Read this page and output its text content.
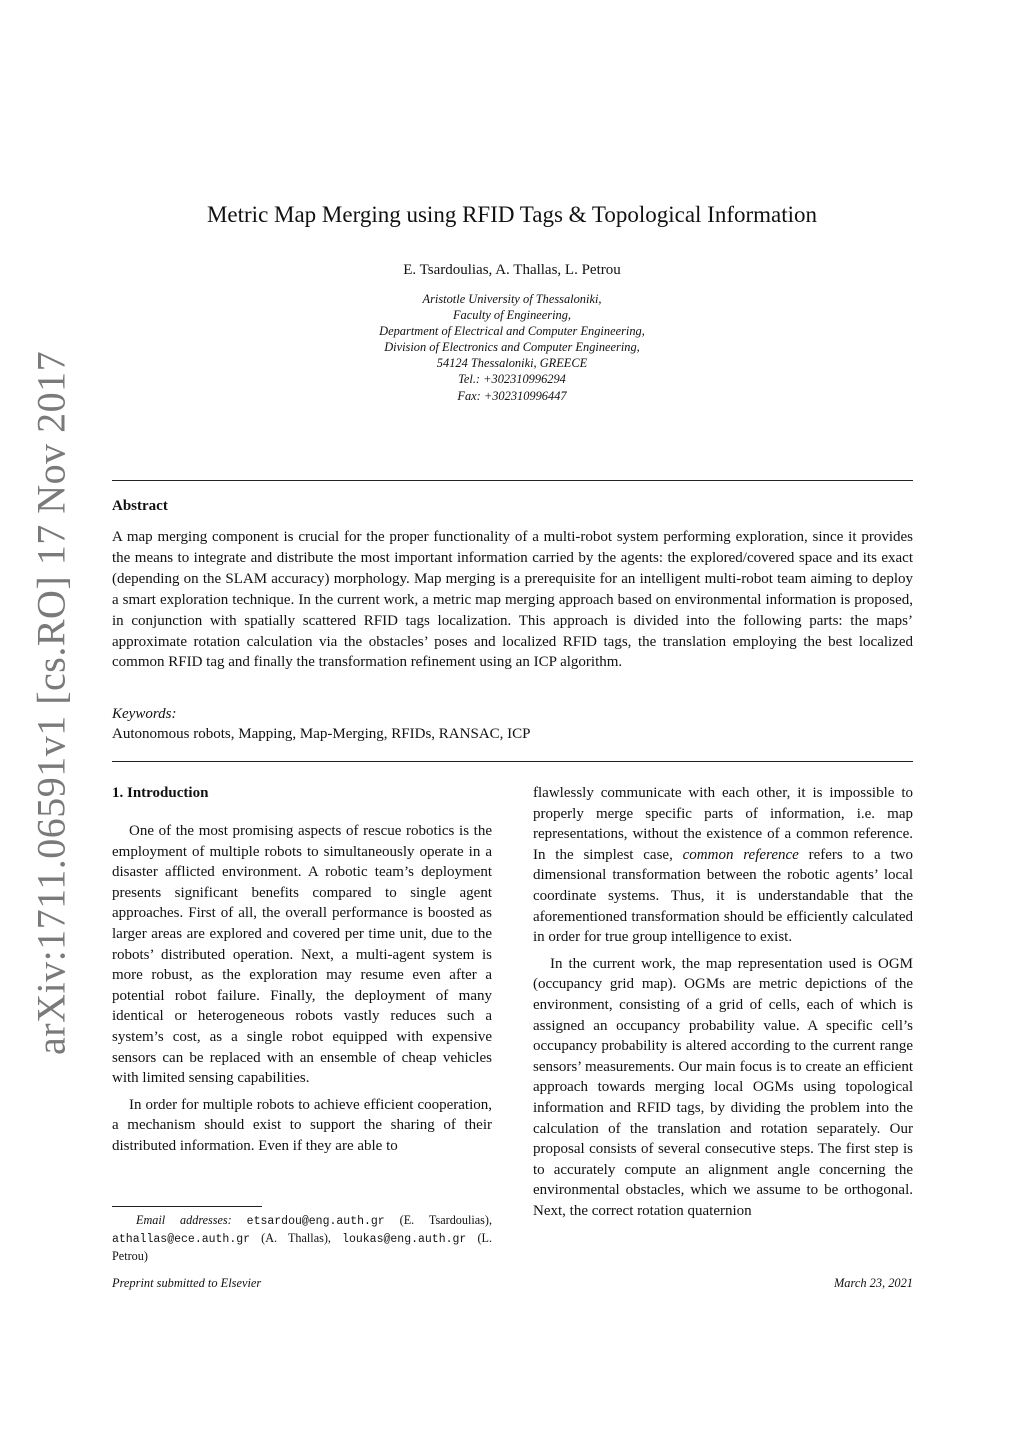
arXiv:1711.06591v1 [cs.RO] 17 Nov 2017
Metric Map Merging using RFID Tags & Topological Information
E. Tsardoulias, A. Thallas, L. Petrou
Aristotle University of Thessaloniki,
Faculty of Engineering,
Department of Electrical and Computer Engineering,
Division of Electronics and Computer Engineering,
54124 Thessaloniki, GREECE
Tel.: +302310996294
Fax: +302310996447
Abstract
A map merging component is crucial for the proper functionality of a multi-robot system performing exploration, since it provides the means to integrate and distribute the most important information carried by the agents: the explored/covered space and its exact (depending on the SLAM accuracy) morphology. Map merging is a prerequisite for an intelligent multi-robot team aiming to deploy a smart exploration technique. In the current work, a metric map merging approach based on environmental information is proposed, in conjunction with spatially scattered RFID tags localization. This approach is divided into the following parts: the maps’ approximate rotation calculation via the obstacles’ poses and localized RFID tags, the translation employing the best localized common RFID tag and finally the transformation refinement using an ICP algorithm.
Keywords:
Autonomous robots, Mapping, Map-Merging, RFIDs, RANSAC, ICP
1. Introduction

One of the most promising aspects of rescue robotics is the employment of multiple robots to simultaneously operate in a disaster afflicted environment. A robotic team’s deployment presents significant benefits compared to single agent approaches. First of all, the overall performance is boosted as larger areas are explored and covered per time unit, due to the robots’ distributed operation. Next, a multi-agent system is more robust, as the exploration may resume even after a potential robot failure. Finally, the deployment of many identical or heterogeneous robots vastly reduces such a system’s cost, as a single robot equipped with expensive sensors can be replaced with an ensemble of cheap vehicles with limited sensing capabilities.

In order for multiple robots to achieve efficient cooperation, a mechanism should exist to support the sharing of their distributed information. Even if they are able to

flawlessly communicate with each other, it is impossible to properly merge specific parts of information, i.e. map representations, without the existence of a common reference. In the simplest case, common reference refers to a two dimensional transformation between the robotic agents’ local coordinate systems. Thus, it is understandable that the aforementioned transformation should be efficiently calculated in order for true group intelligence to exist.

In the current work, the map representation used is OGM (occupancy grid map). OGMs are metric depictions of the environment, consisting of a grid of cells, each of which is assigned an occupancy probability value. A specific cell’s occupancy probability is altered according to the current range sensors’ measurements. Our main focus is to create an efficient approach towards merging local OGMs using topological information and RFID tags, by dividing the problem into the calculation of the translation and rotation separately. Our proposal consists of several consecutive steps. The first step is to accurately compute an alignment angle concerning the environmental obstacles, which we assume to be orthogonal. Next, the correct rotation quaternion

Email addresses: etsardou@eng.auth.gr (E. Tsardoulias), athallas@ece.auth.gr (A. Thallas), loukas@eng.auth.gr (L. Petrou)
Preprint submitted to Elsevier	March 23, 2021
